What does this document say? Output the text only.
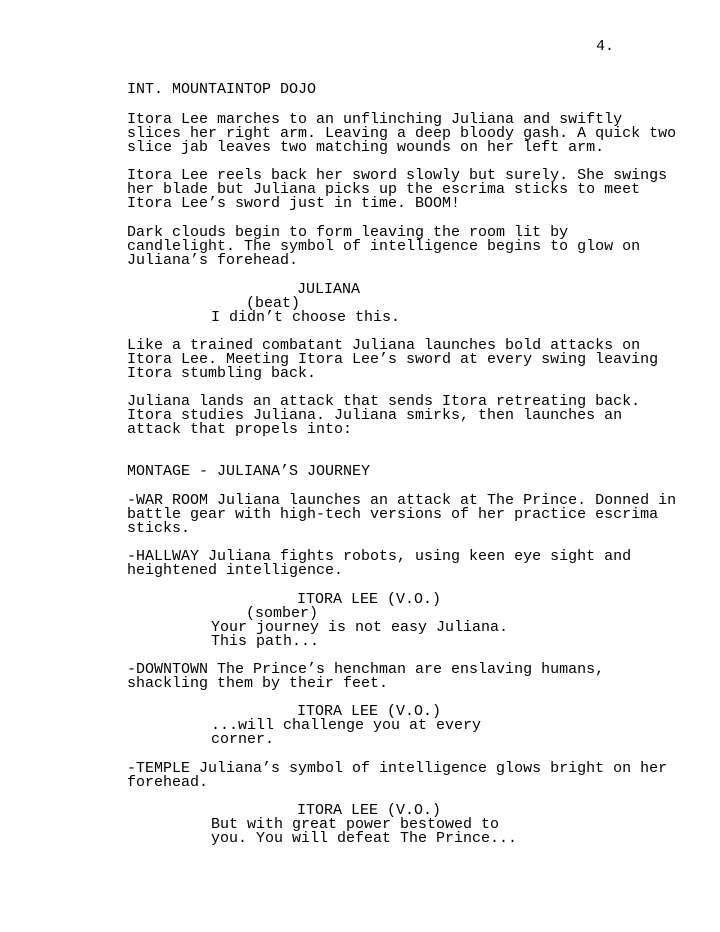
4.
INT. MOUNTAINTOP DOJO
Itora Lee marches to an unflinching Juliana and swiftly
slices her right arm. Leaving a deep bloody gash. A quick two
slice jab leaves two matching wounds on her left arm.
Itora Lee reels back her sword slowly but surely. She swings
her blade but Juliana picks up the escrima sticks to meet
Itora Lee’s sword just in time. BOOM!
Dark clouds begin to form leaving the room lit by
candlelight. The symbol of intelligence begins to glow on
Juliana’s forehead.
JULIANA
(beat)
I didn’t choose this.
Like a trained combatant Juliana launches bold attacks on
Itora Lee. Meeting Itora Lee’s sword at every swing leaving
Itora stumbling back.
Juliana lands an attack that sends Itora retreating back.
Itora studies Juliana. Juliana smirks, then launches an
attack that propels into:
MONTAGE - JULIANA’S JOURNEY
-WAR ROOM Juliana launches an attack at The Prince. Donned in
battle gear with high-tech versions of her practice escrima
sticks.
-HALLWAY Juliana fights robots, using keen eye sight and
heightened intelligence.
ITORA LEE (V.O.)
(somber)
Your journey is not easy Juliana.
This path...
-DOWNTOWN The Prince’s henchman are enslaving humans,
shackling them by their feet.
ITORA LEE (V.O.)
...will challenge you at every
corner.
-TEMPLE Juliana’s symbol of intelligence glows bright on her
forehead.
ITORA LEE (V.O.)
But with great power bestowed to
you. You will defeat The Prince...
